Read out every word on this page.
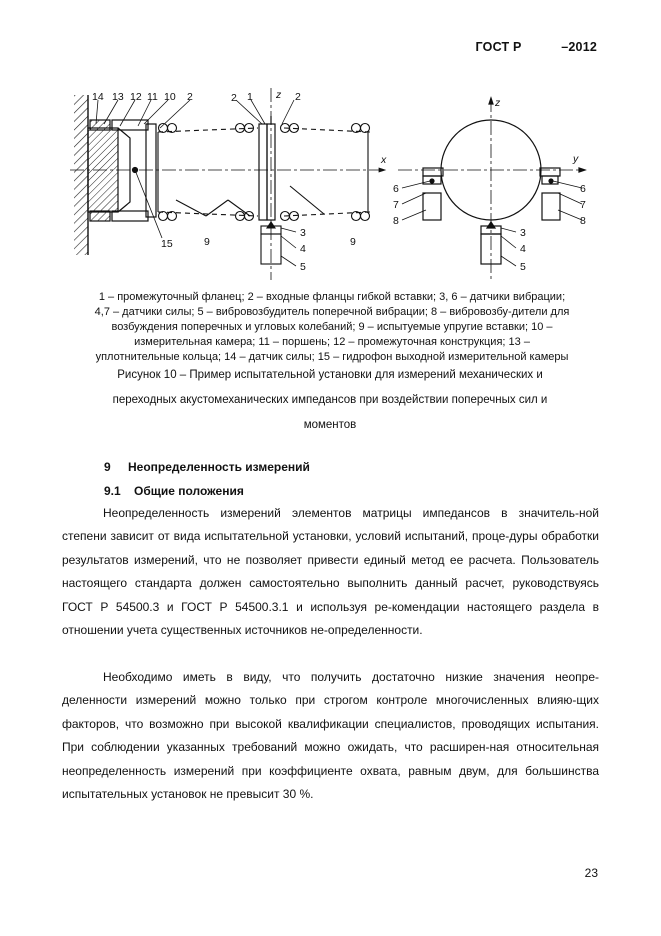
ГОСТ Р	–2012
14 13 12 11 10 2	2 1 z 2
x
15	9	9
3
4
5
z
y
6
7
8
6
7
8
3
4
5
1 – промежуточный фланец; 2 – входные фланцы гибкой вставки; 3, 6 – датчики вибрации;
4,7 – датчики силы; 5 – вибровозбудитель поперечной вибрации; 8 – вибровозбу-дители для
возбуждения поперечных и угловых колебаний; 9 – испытуемые упругие вставки; 10 –
измерительная камера; 11 – поршень; 12 – промежуточная конструкция; 13 –
уплотнительные кольца; 14 – датчик силы; 15 – гидрофон выходной измерительной камеры
Рисунок 10 – Пример испытательной установки для измерений механических и
переходных акустомеханических импедансов при воздействии поперечных сил и
моментов
9 Неопределенность измерений
9.1 Общие положения
Неопределенность измерений элементов матрицы импедансов в значитель-ной степени зависит от вида испытательной установки, условий испытаний, проце-дуры обработки результатов измерений, что не позволяет привести единый метод ее расчета. Пользователь настоящего стандарта должен самостоятельно выполнить данный расчет, руководствуясь ГОСТ Р 54500.3 и ГОСТ Р 54500.3.1 и используя ре-комендации настоящего раздела в отношении учета существенных источников не-определенности.
Необходимо иметь в виду, что получить достаточно низкие значения неопре-деленности измерений можно только при строгом контроле многочисленных влияю-щих факторов, что возможно при высокой квалификации специалистов, проводящих испытания. При соблюдении указанных требований можно ожидать, что расширен-ная относительная неопределенность измерений при коэффициенте охвата, равным двум, для большинства испытательных установок не превысит 30 %.
23
